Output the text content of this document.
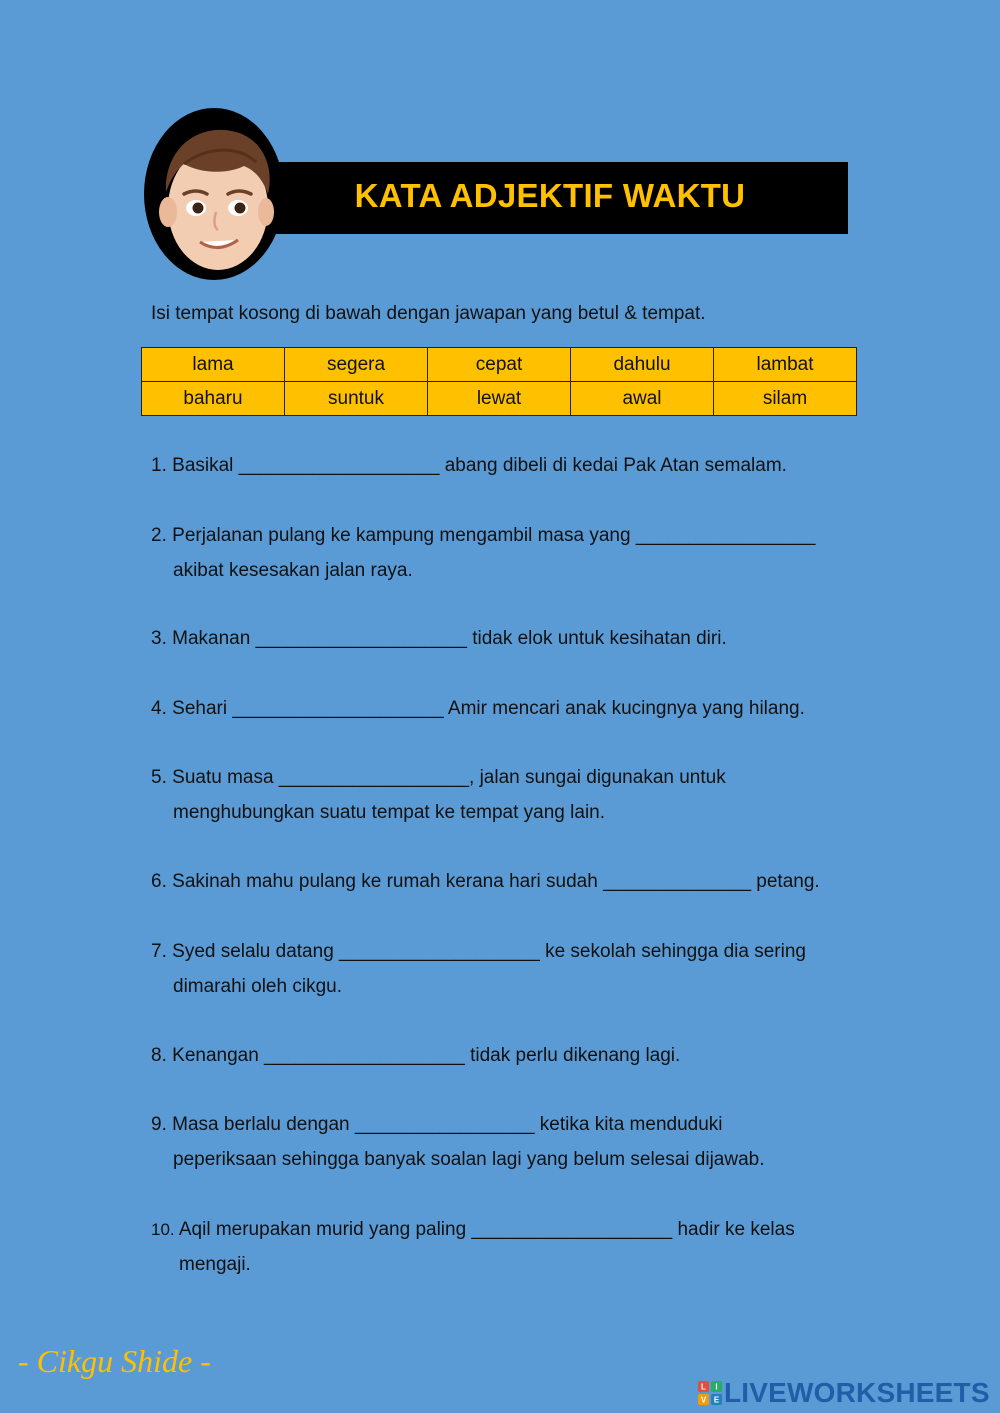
KATA ADJEKTIF WAKTU
Isi tempat kosong di bawah dengan jawapan yang betul & tempat.
lama	segera	cepat	dahulu	lambat
baharu	suntuk	lewat	awal	silam
1. Basikal ___________________ abang dibeli di kedai Pak Atan semalam.
2. Perjalanan pulang ke kampung mengambil masa yang _________________
akibat kesesakan jalan raya.
3. Makanan ____________________ tidak elok untuk kesihatan diri.
4. Sehari ____________________ Amir mencari anak kucingnya yang hilang.
5. Suatu masa __________________, jalan sungai digunakan untuk
menghubungkan suatu tempat ke tempat yang lain.
6. Sakinah mahu pulang ke rumah kerana hari sudah ______________ petang.
7. Syed selalu datang ___________________ ke sekolah sehingga dia sering
dimarahi oleh cikgu.
8. Kenangan ___________________ tidak perlu dikenang lagi.
9. Masa berlalu dengan _________________ ketika kita menduduki
peperiksaan sehingga banyak soalan lagi yang belum selesai dijawab.
10. Aqil merupakan murid yang paling ___________________ hadir ke kelas
mengaji.
- Cikgu Shide -
L I
V E LIVEWORKSHEETS
